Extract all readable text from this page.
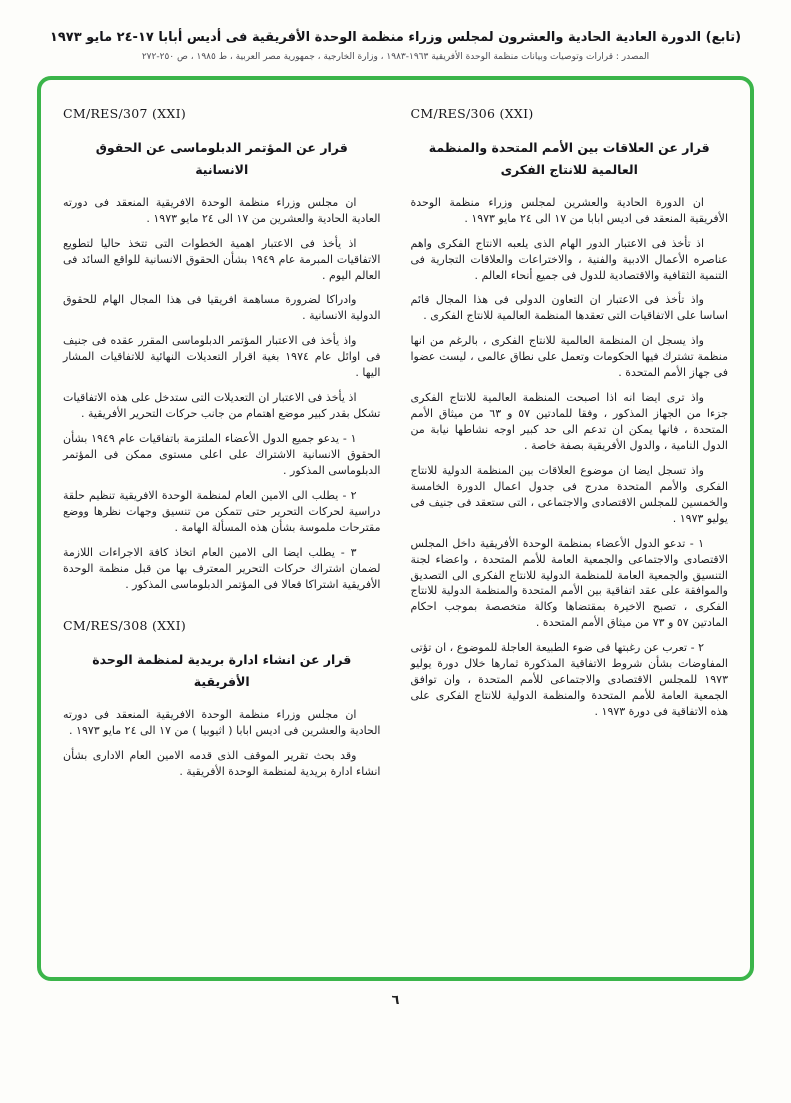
(تابع) الدورة العادية الحادية والعشرون لمجلس وزراء منظمة الوحدة الأفريقية فى أديس أبابا ١٧-٢٤ مايو ١٩٧٣
المصدر : قرارات وتوصيات وبيانات منظمة الوحدة الأفريقية ١٩٦٣-١٩٨٣ ، وزارة الخارجية ، جمهورية مصر العربية ، ط ١٩٨٥ ، ص ٢٥٠-٢٧٢
CM/RES/306 (XXI)
قرار عن العلاقات بين الأمم المتحدة والمنظمة العالمية للانتاج الفكرى

ان الدورة الحادية والعشرين لمجلس وزراء منظمة الوحدة الأفريقية المنعقد فى اديس ابابا من ١٧ الى ٢٤ مايو ١٩٧٣ .

اذ تأخذ فى الاعتبار الدور الهام الذى يلعبه الانتاج الفكرى واهم عناصره الأعمال الادبية والفنية ، والاختراعات والعلاقات التجارية فى التنمية الثقافية والاقتصادية للدول فى جميع أنحاء العالم .

واذ تأخذ فى الاعتبار ان التعاون الدولى فى هذا المجال قائم اساسا على الاتفاقيات التى تعقدها المنظمة العالمية للانتاج الفكرى .

واذ يسجل ان المنظمة العالمية للانتاج الفكرى ، بالرغم من انها منظمة تشترك فيها الحكومات وتعمل على نطاق عالمى ، ليست عضوا فى جهاز الأمم المتحدة .

واذ ترى ايضا انه اذا اصبحت المنظمة العالمية للانتاج الفكرى جزءا من الجهاز المذكور ، وفقا للمادتين ٥٧ و ٦٣ من ميثاق الأمم المتحدة ، فانها يمكن ان تدعم الى حد كبير اوجه نشاطها نيابة من الدول النامية ، والدول الأفريقية بصفة خاصة .

واذ تسجل ايضا ان موضوع العلاقات بين المنظمة الدولية للانتاج الفكرى والأمم المتحدة مدرج فى جدول اعمال الدورة الخامسة والخمسين للمجلس الاقتصادى والاجتماعى ، التى ستعقد فى جنيف فى يوليو ١٩٧٣ .

١ - تدعو الدول الأعضاء بمنظمة الوحدة الأفريقية داخل المجلس الاقتصادى والاجتماعى والجمعية العامة للأمم المتحدة ، واعضاء لجنة التنسيق والجمعية العامة للمنظمة الدولية للانتاج الفكرى الى التصديق والموافقة على عقد اتفاقية بين الأمم المتحدة والمنظمة الدولية للانتاج الفكرى ، تصبح الاخيرة بمقتضاها وكالة متخصصة بموجب احكام المادتين ٥٧ و ٧٣ من ميثاق الأمم المتحدة .

٢ - تعرب عن رغبتها فى ضوء الطبيعة العاجلة للموضوع ، ان تؤتى المفاوضات بشأن شروط الاتفاقية المذكورة ثمارها خلال دورة يوليو ١٩٧٣ للمجلس الاقتصادى والاجتماعى للأمم المتحدة ، وان توافق الجمعية العامة للأمم المتحدة والمنظمة الدولية للانتاج الفكرى على هذه الاتفاقية فى دورة ١٩٧٣ .

CM/RES/307 (XXI)
قرار عن المؤتمر الدبلوماسى عن الحقوق الانسانية

ان مجلس وزراء منظمة الوحدة الافريقية المنعقد فى دورته العادية الحادية والعشرين من ١٧ الى ٢٤ مايو ١٩٧٣ .

اذ يأخذ فى الاعتبار اهمية الخطوات التى تتخذ حاليا لتطويع الاتفاقيات المبرمة عام ١٩٤٩ بشأن الحقوق الانسانية للواقع السائد فى العالم اليوم .

وادراكا لضرورة مساهمة افريقيا فى هذا المجال الهام للحقوق الدولية الانسانية .

واذ يأخذ فى الاعتبار المؤتمر الدبلوماسى المقرر عقده فى جنيف فى اوائل عام ١٩٧٤ بغية اقرار التعديلات النهائية للاتفاقيات المشار اليها .

اذ يأخذ فى الاعتبار ان التعديلات التى ستدخل على هذه الاتفاقيات تشكل بقدر كبير موضع اهتمام من جانب حركات التحرير الأفريقية .

١ - يدعو جميع الدول الأعضاء الملتزمة باتفاقيات عام ١٩٤٩ بشأن الحقوق الانسانية الاشتراك على اعلى مستوى ممكن فى المؤتمر الدبلوماسى المذكور .

٢ - يطلب الى الامين العام لمنظمة الوحدة الافريقية تنظيم حلقة دراسية لحركات التحرير حتى تتمكن من تنسيق وجهات نظرها ووضع مقترحات ملموسة بشأن هذه المسألة الهامة .

٣ - يطلب ايضا الى الامين العام اتخاذ كافة الاجراءات اللازمة لضمان اشتراك حركات التحرير المعترف بها من قبل منظمة الوحدة الأفريقية اشتراكا فعالا فى المؤتمر الدبلوماسى المذكور .

CM/RES/308 (XXI)
قرار عن انشاء ادارة بريدية لمنظمة الوحدة الأفريقية

ان مجلس وزراء منظمة الوحدة الافريقية المنعقد فى دورته الحادية والعشرين فى اديس ابابا ( اثيوبيا ) من ١٧ الى ٢٤ مايو ١٩٧٣ .

وقد بحث تقرير الموقف الذى قدمه الامين العام الادارى بشأن انشاء ادارة بريدية لمنظمة الوحدة الأفريقية .

٦
